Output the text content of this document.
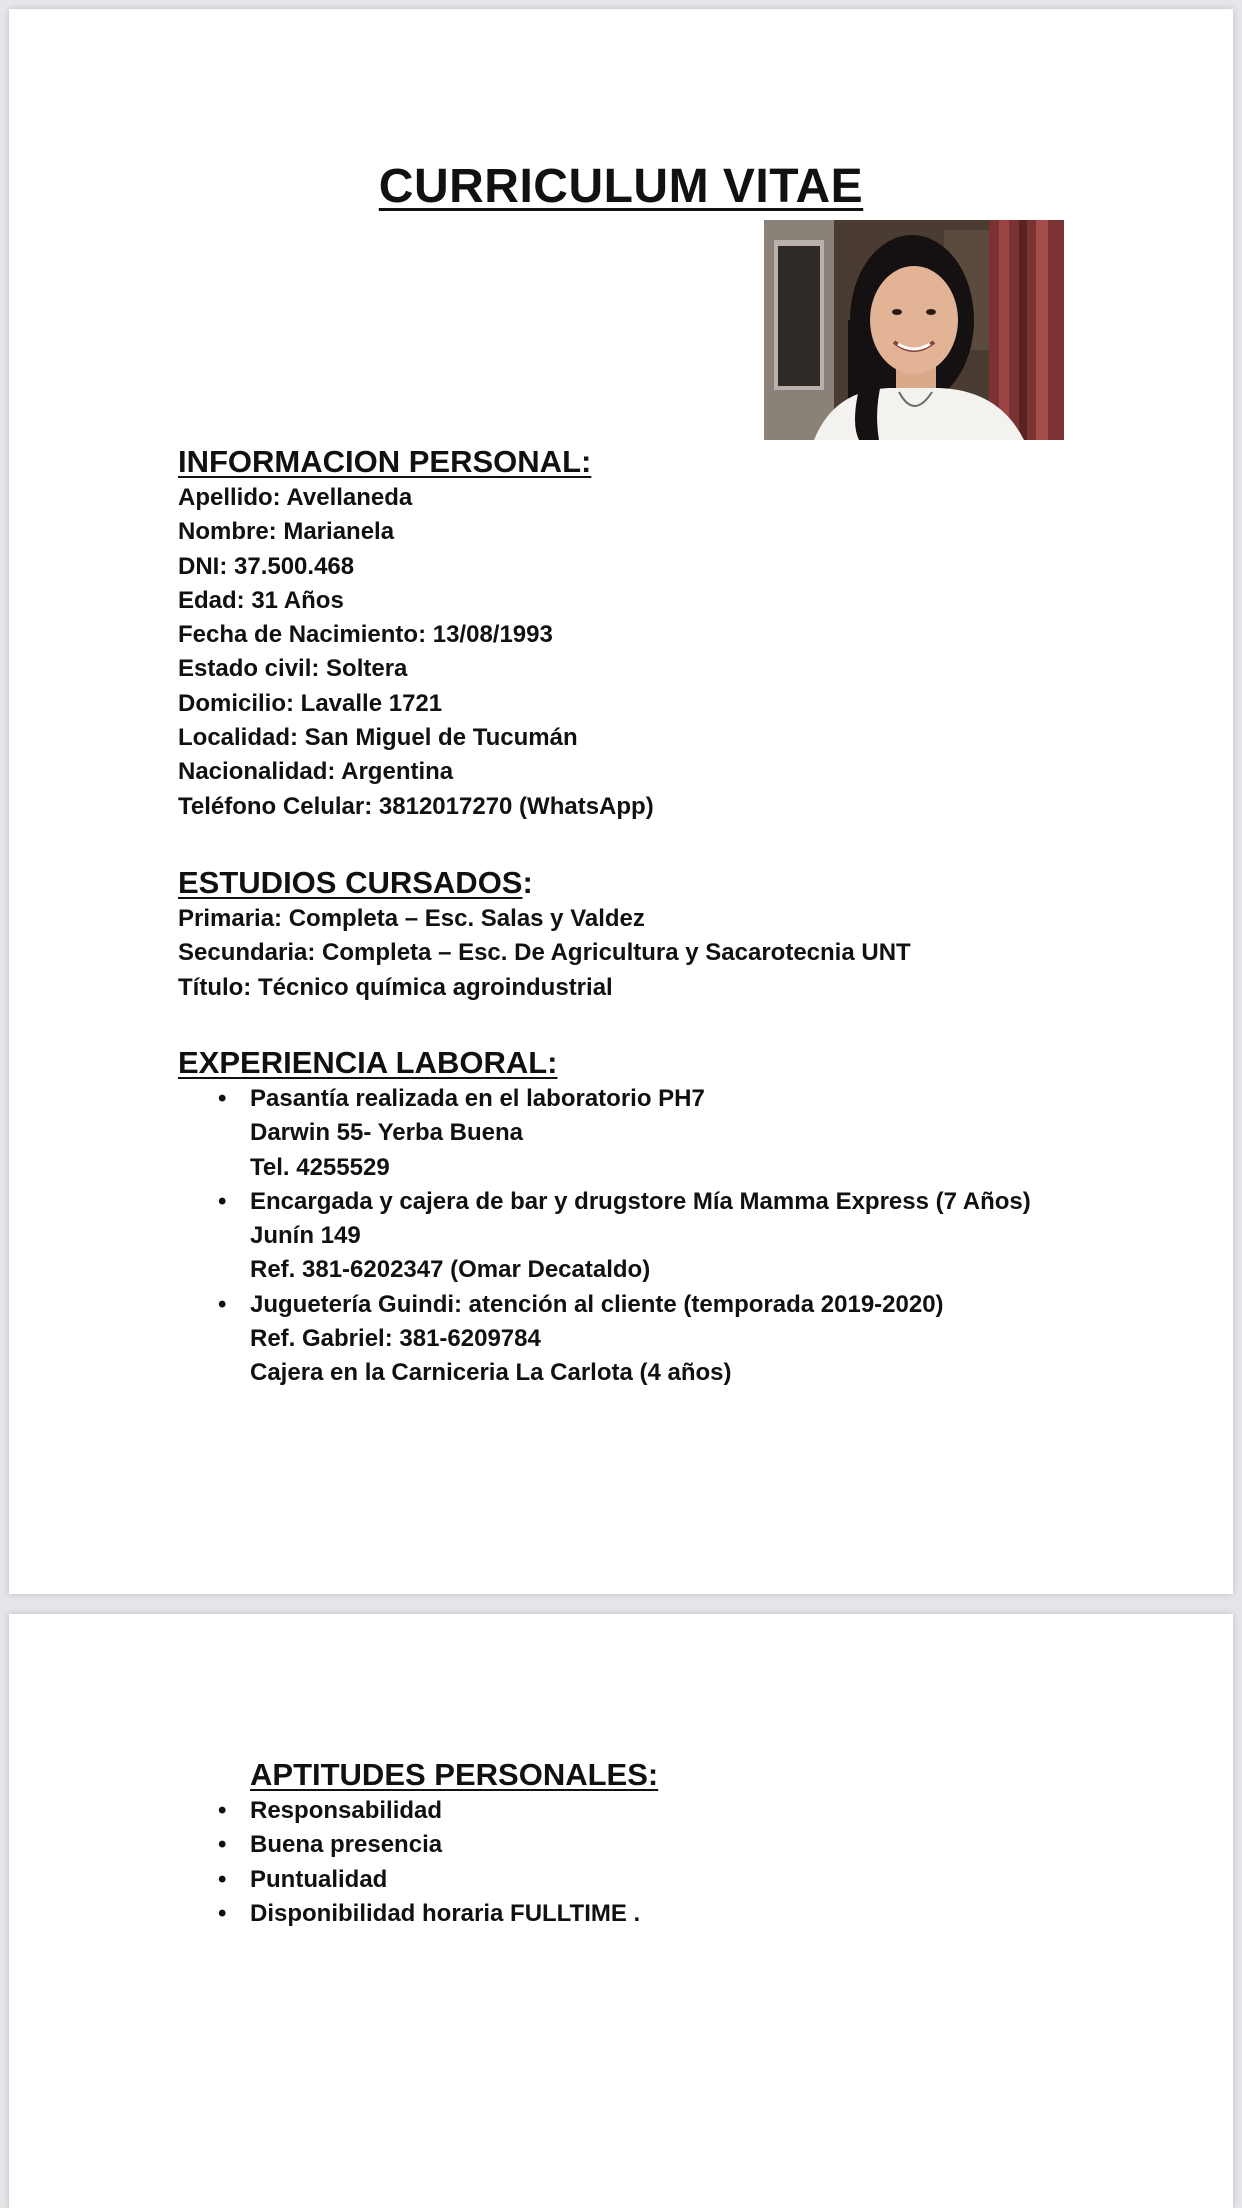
CURRICULUM VITAE
INFORMACION PERSONAL:
Apellido: Avellaneda
Nombre: Marianela
DNI: 37.500.468
Edad: 31 Años
Fecha de Nacimiento: 13/08/1993
Estado civil: Soltera
Domicilio: Lavalle 1721
Localidad: San Miguel de Tucumán
Nacionalidad: Argentina
Teléfono Celular: 3812017270 (WhatsApp)
ESTUDIOS CURSADOS:
Primaria: Completa – Esc. Salas y Valdez
Secundaria: Completa – Esc. De Agricultura y Sacarotecnia UNT
Título: Técnico química agroindustrial
EXPERIENCIA LABORAL:
• Pasantía realizada en el laboratorio PH7
Darwin 55- Yerba Buena
Tel. 4255529
• Encargada y cajera de bar y drugstore Mía Mamma Express (7 Años)
Junín 149
Ref. 381-6202347 (Omar Decataldo)
• Juguetería Guindi: atención al cliente (temporada 2019-2020)
Ref. Gabriel: 381-6209784
Cajera en la Carniceria La Carlota (4 años)
APTITUDES PERSONALES:
• Responsabilidad
• Buena presencia
• Puntualidad
• Disponibilidad horaria FULLTIME .
